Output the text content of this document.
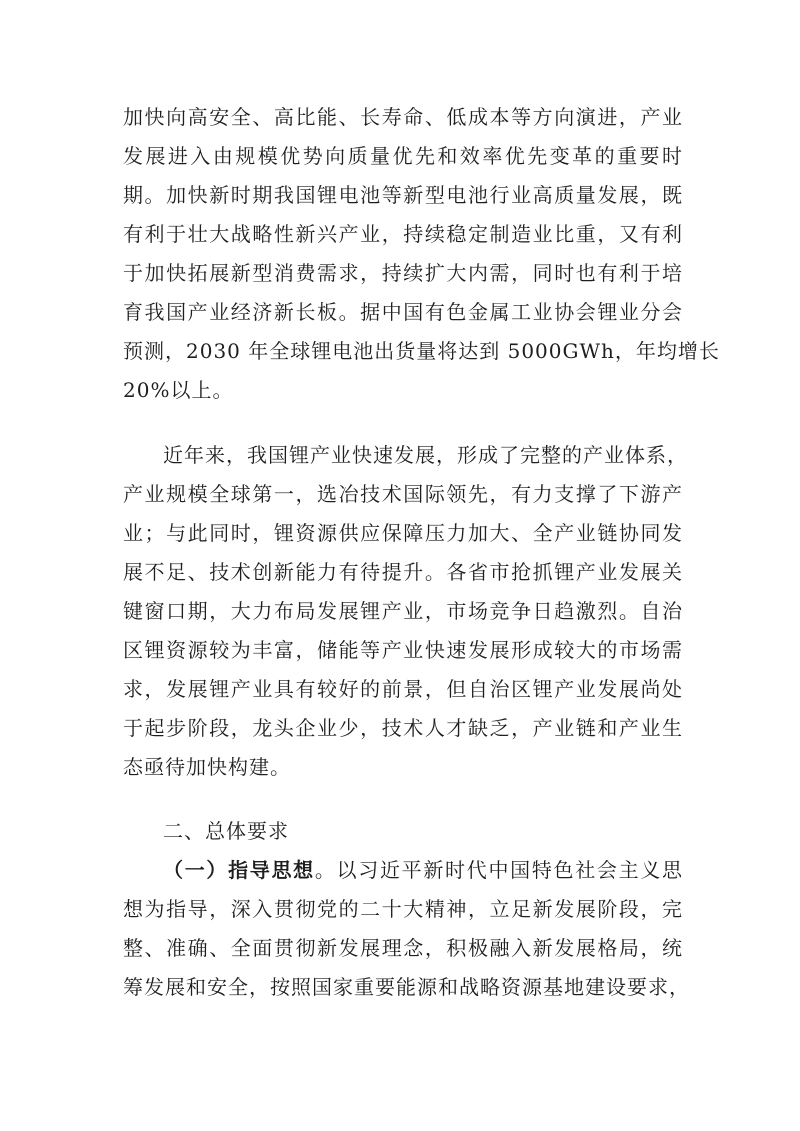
加快向高安全、高比能、长寿命、低成本等方向演进，产业
发展进入由规模优势向质量优先和效率优先变革的重要时
期。加快新时期我国锂电池等新型电池行业高质量发展，既
有利于壮大战略性新兴产业，持续稳定制造业比重，又有利
于加快拓展新型消费需求，持续扩大内需，同时也有利于培
育我国产业经济新长板。据中国有色金属工业协会锂业分会
预测，2030 年全球锂电池出货量将达到 5000GWh，年均增长
20%以上。
近年来，我国锂产业快速发展，形成了完整的产业体系，
产业规模全球第一，选冶技术国际领先，有力支撑了下游产
业；与此同时，锂资源供应保障压力加大、全产业链协同发
展不足、技术创新能力有待提升。各省市抢抓锂产业发展关
键窗口期，大力布局发展锂产业，市场竞争日趋激烈。自治
区锂资源较为丰富，储能等产业快速发展形成较大的市场需
求，发展锂产业具有较好的前景，但自治区锂产业发展尚处
于起步阶段，龙头企业少，技术人才缺乏，产业链和产业生
态亟待加快构建。
二、总体要求
（一）指导思想。以习近平新时代中国特色社会主义思
想为指导，深入贯彻党的二十大精神，立足新发展阶段，完
整、准确、全面贯彻新发展理念，积极融入新发展格局，统
筹发展和安全，按照国家重要能源和战略资源基地建设要求，
